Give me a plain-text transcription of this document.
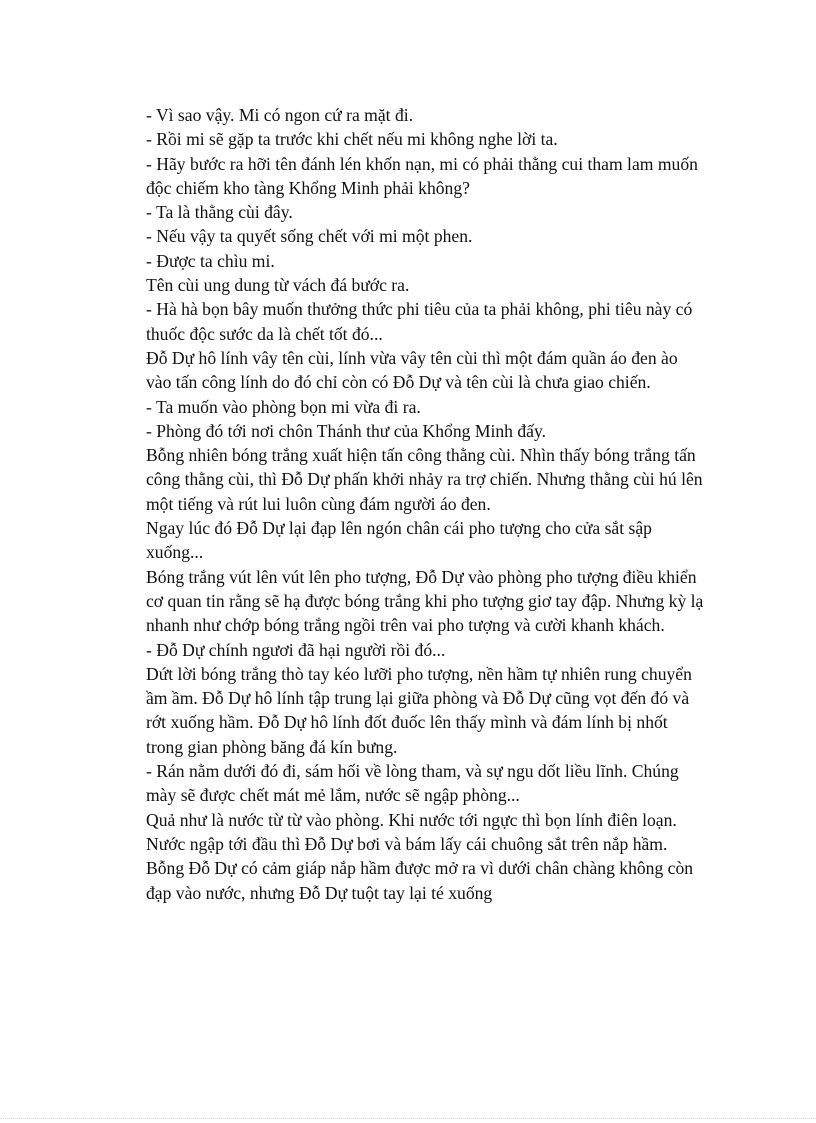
- Vì sao vậy. Mi có ngon cứ ra mặt đi.

- Rồi mi sẽ gặp ta trước khi chết nếu mi không nghe lời ta.

- Hãy bước ra hỡi tên đánh lén khốn nạn, mi có phải thằng cui tham lam muốn độc chiếm kho tàng Khổng Minh phải không?

- Ta là thằng cùi đây.

- Nếu vậy ta quyết sống chết với mi một phen.

- Được ta chìu mi.

Tên cùi ung dung từ vách đá bước ra.

- Hà hà bọn bây muốn thưởng thức phi tiêu của ta phải không, phi tiêu này có thuốc độc sước da là chết tốt đó...

Đỗ Dự hô lính vây tên cùi, lính vừa vây tên cùi thì một đám quần áo đen ào vào tấn công lính do đó chỉ còn có Đỗ Dự và tên cùi là chưa giao chiến.

- Ta muốn vào phòng bọn mi vừa đi ra.

- Phòng đó tới nơi chôn Thánh thư của Khổng Minh đấy.

Bỗng nhiên bóng trắng xuất hiện tấn công thằng cùi. Nhìn thấy bóng trắng tấn công thằng cùi, thì Đỗ Dự phấn khởi nhảy ra trợ chiến. Nhưng thằng cùi hú lên một tiếng và rút lui luôn cùng đám người áo đen.

Ngay lúc đó Đỗ Dự lại đạp lên ngón chân cái pho tượng cho cửa sắt sập xuống...

Bóng trắng vút lên vút lên pho tượng, Đỗ Dự vào phòng pho tượng điều khiển cơ quan tin rằng sẽ hạ được bóng trắng khi pho tượng giơ tay đập. Nhưng kỳ lạ nhanh như chớp bóng trắng ngồi trên vai pho tượng và cười khanh khách.

- Đỗ Dự chính ngươi đã hại người rồi đó...

Dứt lời bóng trắng thò tay kéo lưỡi pho tượng, nền hầm tự nhiên rung chuyển ầm ầm. Đỗ Dự hô lính tập trung lại giữa phòng và Đỗ Dự cũng vọt đến đó và rớt xuống hầm. Đỗ Dự hô lính đốt đuốc lên thấy mình và đám lính bị nhốt trong gian phòng băng đá kín bưng.

- Rán nằm dưới đó đi, sám hối về lòng tham, và sự ngu dốt liều lĩnh. Chúng mày sẽ được chết mát mẻ lắm, nước sẽ ngập phòng...

Quả như là nước từ từ vào phòng. Khi nước tới ngực thì bọn lính điên loạn.

Nước ngập tới đầu thì Đỗ Dự bơi và bám lấy cái chuông sắt trên nắp hầm. Bỗng Đỗ Dự có cảm giáp nắp hầm được mở ra vì dưới chân chàng không còn đạp vào nước, nhưng Đỗ Dự tuột tay lại té xuống
